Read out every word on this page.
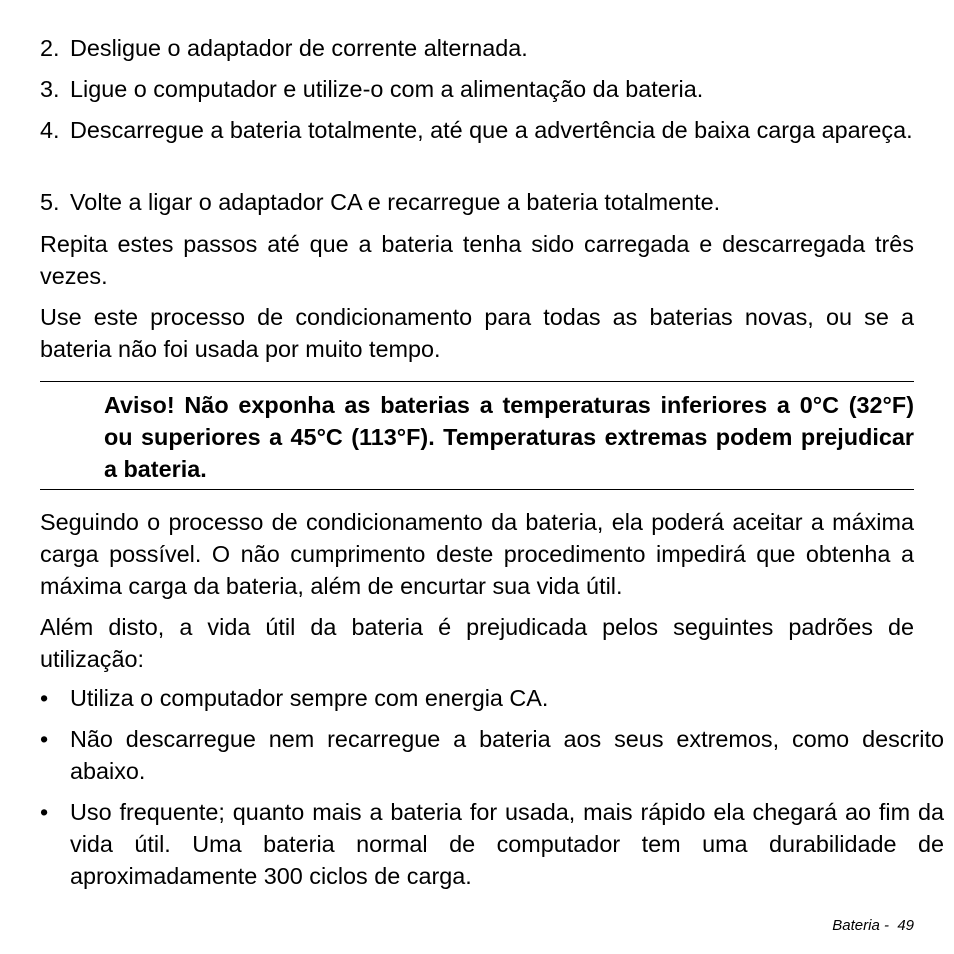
2. Desligue o adaptador de corrente alternada.
3. Ligue o computador e utilize-o com a alimentação da bateria.
4. Descarregue a bateria totalmente, até que a advertência de baixa carga apareça.
5. Volte a ligar o adaptador CA e recarregue a bateria totalmente.

Repita estes passos até que a bateria tenha sido carregada e descarregada três vezes.

Use este processo de condicionamento para todas as baterias novas, ou se a bateria não foi usada por muito tempo.

Aviso! Não exponha as baterias a temperaturas inferiores a 0°C (32°F) ou superiores a 45°C (113°F). Temperaturas extremas podem prejudicar a bateria.

Seguindo o processo de condicionamento da bateria, ela poderá aceitar a máxima carga possível. O não cumprimento deste procedimento impedirá que obtenha a máxima carga da bateria, além de encurtar sua vida útil.

Além disto, a vida útil da bateria é prejudicada pelos seguintes padrões de utilização:

• Utiliza o computador sempre com energia CA.
• Não descarregue nem recarregue a bateria aos seus extremos, como descrito abaixo.
• Uso frequente; quanto mais a bateria for usada, mais rápido ela chegará ao fim da vida útil. Uma bateria normal de computador tem uma durabilidade de aproximadamente 300 ciclos de carga.
Bateria - 49
